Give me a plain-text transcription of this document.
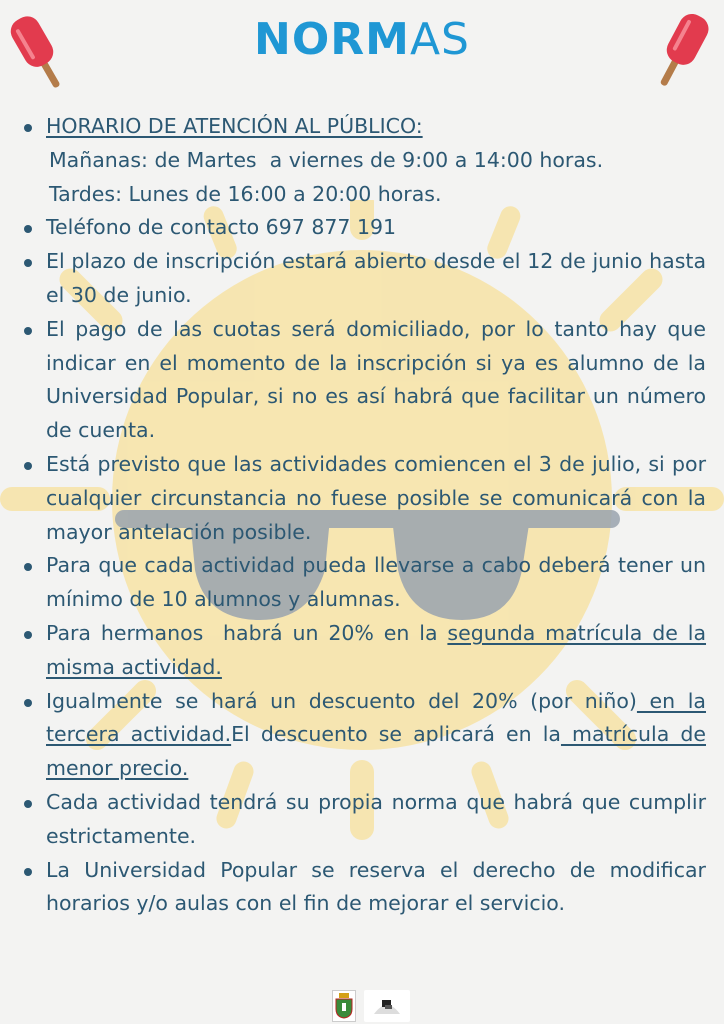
NORMAS
HORARIO DE ATENCIÓN AL PÚBLICO:
Mañanas: de Martes  a viernes de 9:00 a 14:00 horas.
Tardes: Lunes de 16:00 a 20:00 horas.
Teléfono de contacto 697 877 191
El plazo de inscripción estará abierto desde el 12 de junio hasta el 30 de junio.
El pago de las cuotas será domiciliado, por lo tanto hay que indicar en el momento de la inscripción si ya es alumno de la Universidad Popular, si no es así habrá que facilitar un número de cuenta.
Está previsto que las actividades comiencen el 3 de julio, si por cualquier circunstancia no fuese posible se comunicará con la mayor antelación posible.
Para que cada actividad pueda llevarse a cabo deberá tener un mínimo de 10 alumnos y alumnas.
Para hermanos  habrá un 20% en la segunda matrícula de la misma actividad.
Igualmente se hará un descuento del 20% (por niño) en la tercera actividad.El descuento se aplicará en la matrícula de menor precio.
Cada actividad tendrá su propia norma que habrá que cumplir estrictamente.
La Universidad Popular se reserva el derecho de modificar horarios y/o aulas con el fin de mejorar el servicio.
